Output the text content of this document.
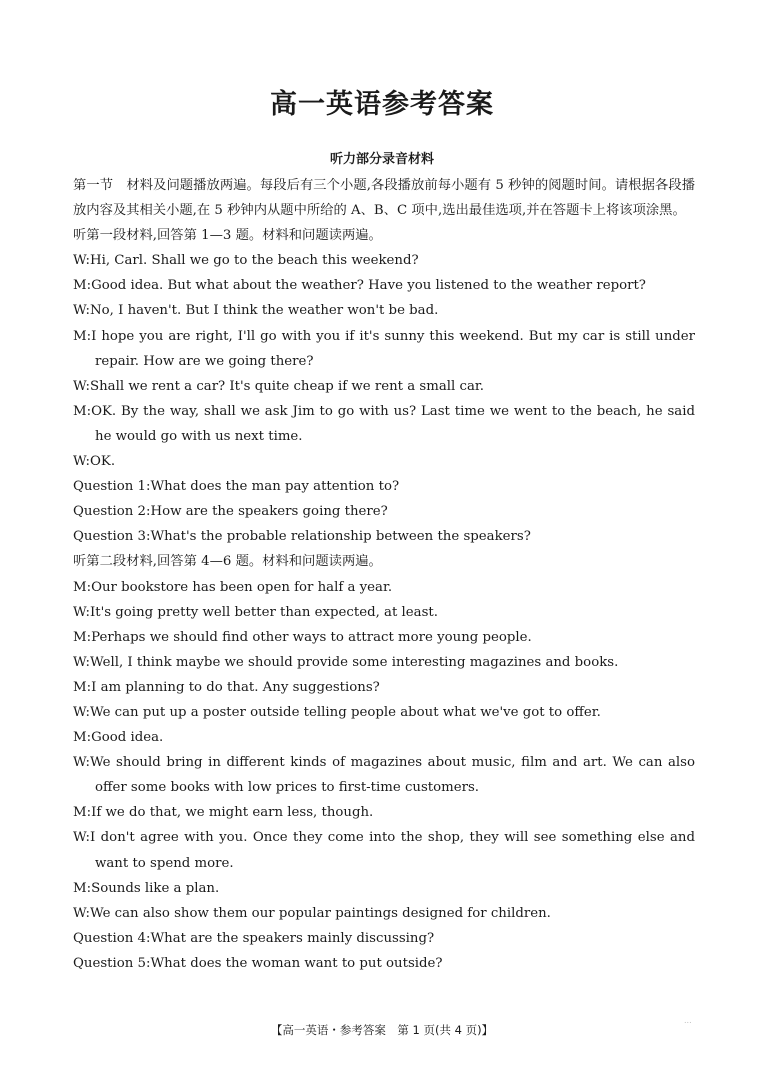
高一英语参考答案
听力部分录音材料
第一节　材料及问题播放两遍。每段后有三个小题,各段播放前每小题有 5 秒钟的阅题时间。请根据各段播放内容及其相关小题,在 5 秒钟内从题中所给的 A、B、C 项中,选出最佳选项,并在答题卡上将该项涂黑。
听第一段材料,回答第 1—3 题。材料和问题读两遍。
W:Hi, Carl. Shall we go to the beach this weekend?
M:Good idea. But what about the weather? Have you listened to the weather report?
W:No, I haven't. But I think the weather won't be bad.
M:I hope you are right, I'll go with you if it's sunny this weekend. But my car is still under repair. How are we going there?
W:Shall we rent a car? It's quite cheap if we rent a small car.
M:OK. By the way, shall we ask Jim to go with us? Last time we went to the beach, he said he would go with us next time.
W:OK.
Question 1:What does the man pay attention to?
Question 2:How are the speakers going there?
Question 3:What's the probable relationship between the speakers?
听第二段材料,回答第 4—6 题。材料和问题读两遍。
M:Our bookstore has been open for half a year.
W:It's going pretty well better than expected, at least.
M:Perhaps we should find other ways to attract more young people.
W:Well, I think maybe we should provide some interesting magazines and books.
M:I am planning to do that. Any suggestions?
W:We can put up a poster outside telling people about what we've got to offer.
M:Good idea.
W:We should bring in different kinds of magazines about music, film and art. We can also offer some books with low prices to first-time customers.
M:If we do that, we might earn less, though.
W:I don't agree with you. Once they come into the shop, they will see something else and want to spend more.
M:Sounds like a plan.
W:We can also show them our popular paintings designed for children.
Question 4:What are the speakers mainly discussing?
Question 5:What does the woman want to put outside?
【高一英语・参考答案　第 1 页(共 4 页)】
...
